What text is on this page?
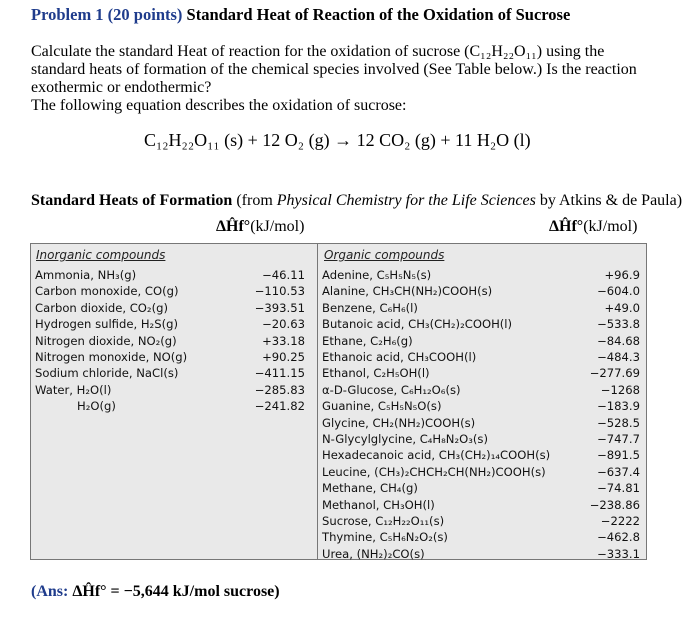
Problem 1 (20 points) Standard Heat of Reaction of the Oxidation of Sucrose
Calculate the standard Heat of reaction for the oxidation of sucrose (C₁₂H₂₂O₁₁) using the standard heats of formation of the chemical species involved (See Table below.) Is the reaction exothermic or endothermic?
The following equation describes the oxidation of sucrose:
C₁₂H₂₂O₁₁ (s) + 12 O₂ (g) → 12 CO₂ (g) + 11 H₂O (l)
Standard Heats of Formation (from Physical Chemistry for the Life Sciences by Atkins & de Paula)
ΔĤf°(kJ/mol)	ΔĤf°(kJ/mol)
Inorganic compounds	Organic compounds
Ammonia, NH₃(g)	−46.11
Carbon monoxide, CO(g)	−110.53
Carbon dioxide, CO₂(g)	−393.51
Hydrogen sulfide, H₂S(g)	−20.63
Nitrogen dioxide, NO₂(g)	+33.18
Nitrogen monoxide, NO(g)	+90.25
Sodium chloride, NaCl(s)	−411.15
Water, H₂O(l)	−285.83
H₂O(g)	−241.82
Adenine, C₅H₅N₅(s)	+96.9
Alanine, CH₃CH(NH₂)COOH(s)	−604.0
Benzene, C₆H₆(l)	+49.0
Butanoic acid, CH₃(CH₂)₂COOH(l)	−533.8
Ethane, C₂H₆(g)	−84.68
Ethanoic acid, CH₃COOH(l)	−484.3
Ethanol, C₂H₅OH(l)	−277.69
α-D-Glucose, C₆H₁₂O₆(s)	−1268
Guanine, C₅H₅N₅O(s)	−183.9
Glycine, CH₂(NH₂)COOH(s)	−528.5
N-Glycylglycine, C₄H₈N₂O₃(s)	−747.7
Hexadecanoic acid, CH₃(CH₂)₁₄COOH(s)	−891.5
Leucine, (CH₃)₂CHCH₂CH(NH₂)COOH(s)	−637.4
Methane, CH₄(g)	−74.81
Methanol, CH₃OH(l)	−238.86
Sucrose, C₁₂H₂₂O₁₁(s)	−2222
Thymine, C₅H₆N₂O₂(s)	−462.8
Urea, (NH₂)₂CO(s)	−333.1
(Ans: ΔĤf° = −5,644 kJ/mol sucrose)
